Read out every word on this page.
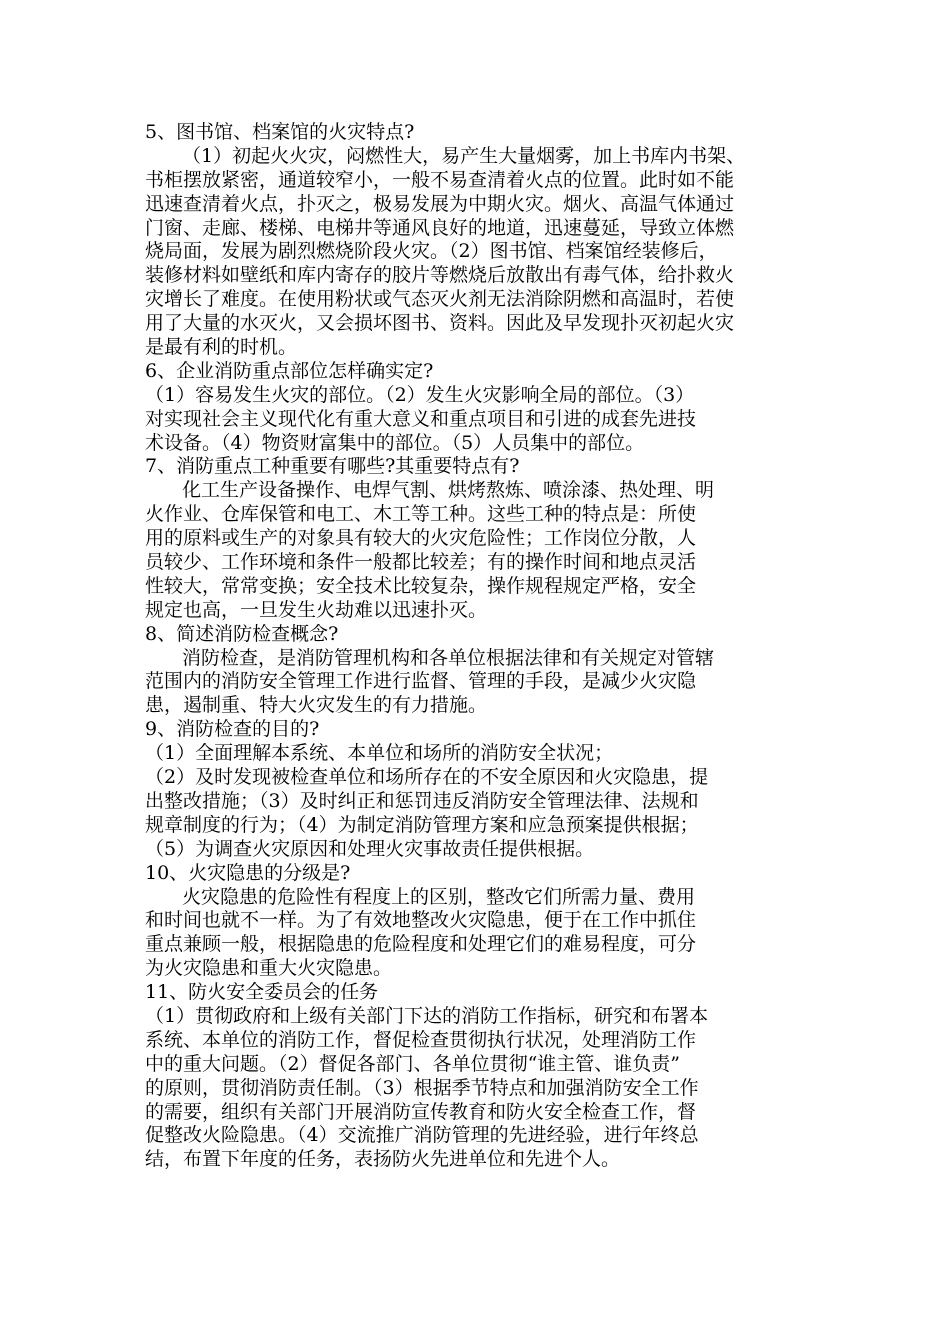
5、图书馆、档案馆的火灾特点?
（1）初起火火灾，闷燃性大，易产生大量烟雾，加上书库内书架、
书柜摆放紧密，通道较窄小，一般不易查清着火点的位置。此时如不能
迅速查清着火点，扑灭之，极易发展为中期火灾。烟火、高温气体通过
门窗、走廊、楼梯、电梯井等通风良好的地道，迅速蔓延，导致立体燃
烧局面，发展为剧烈燃烧阶段火灾。（2）图书馆、档案馆经装修后，
装修材料如壁纸和库内寄存的胶片等燃烧后放散出有毒气体，给扑救火
灾增长了难度。在使用粉状或气态灭火剂无法消除阴燃和高温时，若使
用了大量的水灭火，又会损坏图书、资料。因此及早发现扑灭初起火灾
是最有利的时机。
6、企业消防重点部位怎样确实定?
（1）容易发生火灾的部位。（2）发生火灾影响全局的部位。（3）
对实现社会主义现代化有重大意义和重点项目和引进的成套先进技
术设备。（4）物资财富集中的部位。（5）人员集中的部位。
7、消防重点工种重要有哪些?其重要特点有?
化工生产设备操作、电焊气割、烘烤熬炼、喷涂漆、热处理、明
火作业、仓库保管和电工、木工等工种。这些工种的特点是：所使
用的原料或生产的对象具有较大的火灾危险性；工作岗位分散，人
员较少、工作环境和条件一般都比较差；有的操作时间和地点灵活
性较大，常常变换；安全技术比较复杂，操作规程规定严格，安全
规定也高，一旦发生火劫难以迅速扑灭。
8、简述消防检查概念?
消防检查，是消防管理机构和各单位根据法律和有关规定对管辖
范围内的消防安全管理工作进行监督、管理的手段，是减少火灾隐
患，遏制重、特大火灾发生的有力措施。
9、消防检查的目的?
（1）全面理解本系统、本单位和场所的消防安全状况；
（2）及时发现被检查单位和场所存在的不安全原因和火灾隐患，提
出整改措施；（3）及时纠正和惩罚违反消防安全管理法律、法规和
规章制度的行为；（4）为制定消防管理方案和应急预案提供根据；
（5）为调查火灾原因和处理火灾事故责任提供根据。
10、火灾隐患的分级是?
火灾隐患的危险性有程度上的区别，整改它们所需力量、费用
和时间也就不一样。为了有效地整改火灾隐患，便于在工作中抓住
重点兼顾一般，根据隐患的危险程度和处理它们的难易程度，可分
为火灾隐患和重大火灾隐患。
11、防火安全委员会的任务
（1）贯彻政府和上级有关部门下达的消防工作指标，研究和布署本
系统、本单位的消防工作，督促检查贯彻执行状况，处理消防工作
中的重大问题。（2）督促各部门、各单位贯彻“谁主管、谁负责”
的原则，贯彻消防责任制。（3）根据季节特点和加强消防安全工作
的需要，组织有关部门开展消防宣传教育和防火安全检查工作，督
促整改火险隐患。（4）交流推广消防管理的先进经验，进行年终总
结，布置下年度的任务，表扬防火先进单位和先进个人。
